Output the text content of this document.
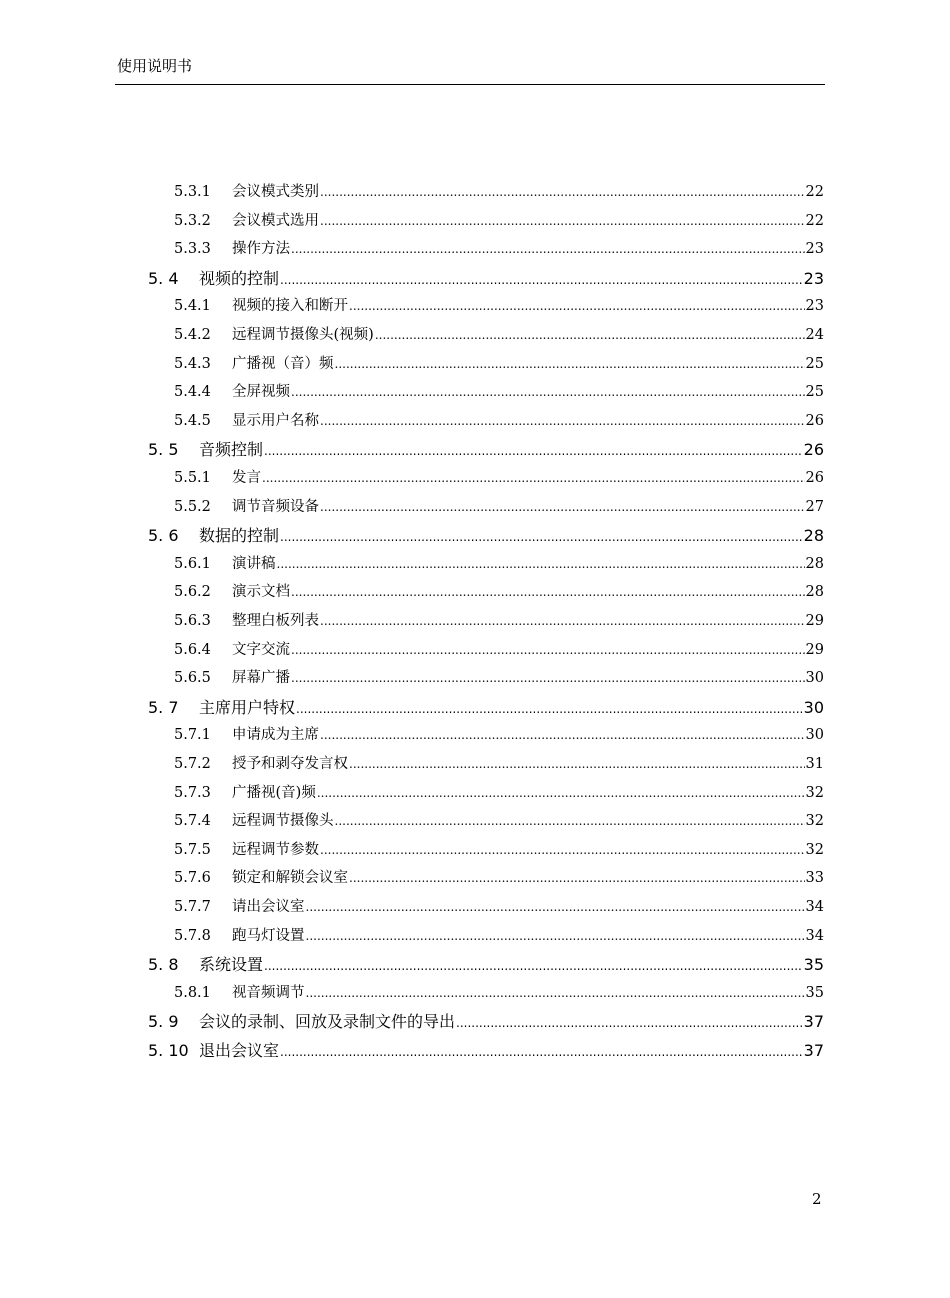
使用说明书
5.3.1	会议模式类别 .....	22
5.3.2	会议模式选用 .....	22
5.3.3	操作方法 .....	23
5. 4	视频的控制 .....	23
5.4.1	视频的接入和断开 .....	23
5.4.2	远程调节摄像头(视频) .....	24
5.4.3	广播视（音）频 .....	25
5.4.4	全屏视频 .....	25
5.4.5	显示用户名称 .....	26
5. 5	音频控制 .....	26
5.5.1	发言 .....	26
5.5.2	调节音频设备 .....	27
5. 6	数据的控制 .....	28
5.6.1	演讲稿 .....	28
5.6.2	演示文档 .....	28
5.6.3	整理白板列表 .....	29
5.6.4	文字交流 .....	29
5.6.5	屏幕广播 .....	30
5. 7	主席用户特权 .....	30
5.7.1	申请成为主席 .....	30
5.7.2	授予和剥夺发言权 .....	31
5.7.3	广播视(音)频 .....	32
5.7.4	远程调节摄像头 .....	32
5.7.5	远程调节参数 .....	32
5.7.6	锁定和解锁会议室 .....	33
5.7.7	请出会议室 .....	34
5.7.8	跑马灯设置 .....	34
5. 8	系统设置 .....	35
5.8.1	视音频调节 .....	35
5. 9	会议的录制、回放及录制文件的导出 .....	37
5. 10 退出会议室 .....	37
2
